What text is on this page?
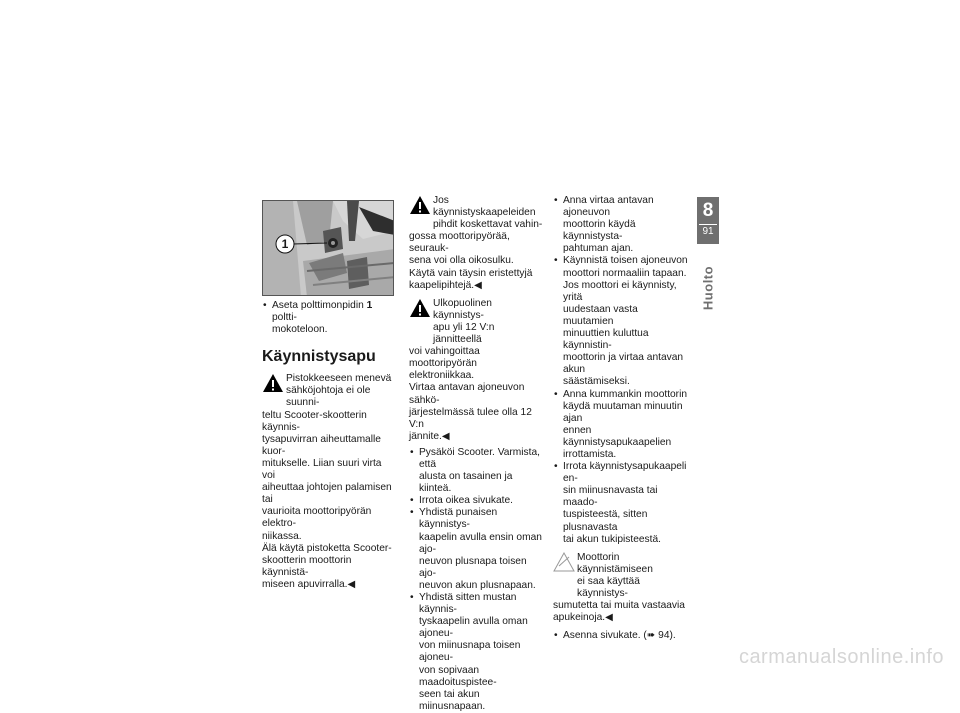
1
• Aseta polttimonpidin 1 poltti-
mokoteloon.
Käynnistysapu
Pistokkeeseen menevä
sähköjohtoja ei ole suunni-
teltu Scooter-skootterin käynnis-
tysapuvirran aiheuttamalle kuor-
mitukselle. Liian suuri virta voi
aiheuttaa johtojen palamisen tai
vaurioita moottoripyörän elektro-
niikassa.
Älä käytä pistoketta Scooter-
skootterin moottorin käynnistä-
miseen apuvirralla.◀
Jos käynnistyskaapeleiden
pihdit koskettavat vahin-
gossa moottoripyörää, seurauk-
sena voi olla oikosulku.
Käytä vain täysin eristettyjä
kaapelipihtejä.◀
Ulkopuolinen käynnistys-
apu yli 12 V:n jännitteellä
voi vahingoittaa moottoripyörän
elektroniikkaa.
Virtaa antavan ajoneuvon sähkö-
järjestelmässä tulee olla 12 V:n
jännite.◀
• Pysäköi Scooter. Varmista, että
alusta on tasainen ja kiinteä.
• Irrota oikea sivukate.
• Yhdistä punaisen käynnistys-
kaapelin avulla ensin oman ajo-
neuvon plusnapa toisen ajo-
neuvon akun plusnapaan.
• Yhdistä sitten mustan käynnis-
tyskaapelin avulla oman ajoneu-
von miinusnapa toisen ajoneu-
von sopivaan maadoituspistee-
seen tai akun miinusnapaan.
• Anna virtaa antavan ajoneuvon
moottorin käydä käynnistysta-
pahtuman ajan.
• Käynnistä toisen ajoneuvon
moottori normaaliin tapaan.
Jos moottori ei käynnisty, yritä
uudestaan vasta muutamien
minuuttien kuluttua käynnistin-
moottorin ja virtaa antavan akun
säästämiseksi.
• Anna kummankin moottorin
käydä muutaman minuutin ajan
ennen käynnistysapukaapelien
irrottamista.
• Irrota käynnistysapukaapeli en-
sin miinusnavasta tai maado-
tuspisteestä, sitten plusnavasta
tai akun tukipisteestä.
Moottorin käynnistämiseen
ei saa käyttää käynnistys-
sumutetta tai muita vastaavia
apukeinoja.◀
• Asenna sivukate. (➠ 94).
8
91
Huolto
carmanualsonline.info
